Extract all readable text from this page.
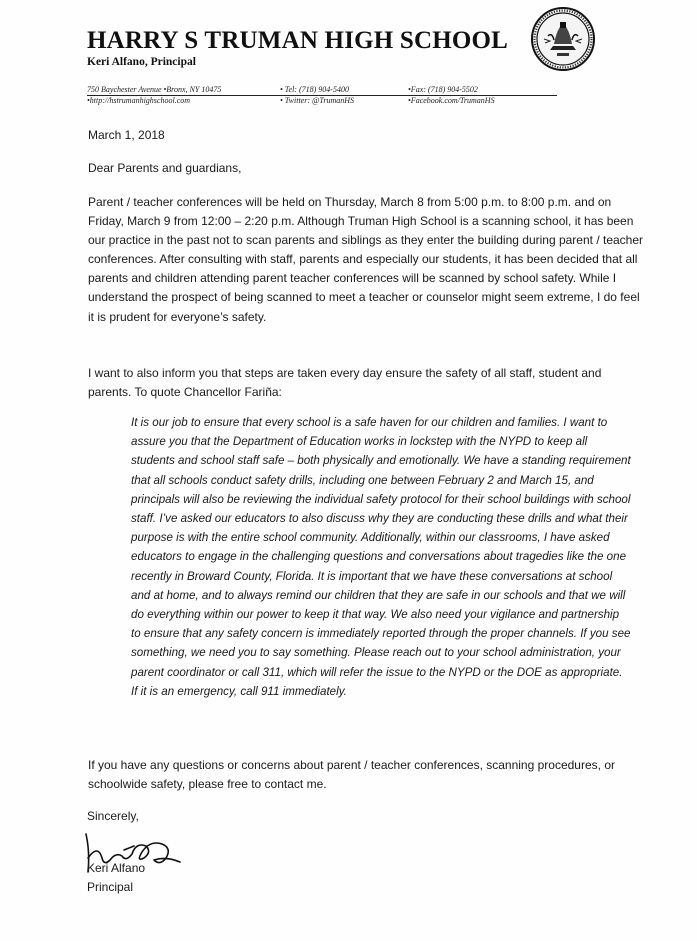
HARRY S TRUMAN HIGH SCHOOL
Keri Alfano, Principal
750 Baychester Avenue •Bronx, NY 10475
•http://hstrumanhighschool.com
• Tel: (718) 904-5400
• Twitter: @TrumanHS
•Fax: (718) 904-5502
•Facebook.com/TrumanHS
March 1, 2018
Dear Parents and guardians,

Parent / teacher conferences will be held on Thursday, March 8 from 5:00 p.m. to 8:00 p.m. and on Friday, March 9 from 12:00 – 2:20 p.m. Although Truman High School is a scanning school, it has been our practice in the past not to scan parents and siblings as they enter the building during parent / teacher conferences. After consulting with staff, parents and especially our students, it has been decided that all parents and children attending parent teacher conferences will be scanned by school safety. While I understand the prospect of being scanned to meet a teacher or counselor might seem extreme, I do feel it is prudent for everyone’s safety.

I want to also inform you that steps are taken every day ensure the safety of all staff, student and parents. To quote Chancellor Fariña:

It is our job to ensure that every school is a safe haven for our children and families. I want to assure you that the Department of Education works in lockstep with the NYPD to keep all students and school staff safe – both physically and emotionally. We have a standing requirement that all schools conduct safety drills, including one between February 2 and March 15, and principals will also be reviewing the individual safety protocol for their school buildings with school staff. I’ve asked our educators to also discuss why they are conducting these drills and what their purpose is with the entire school community. Additionally, within our classrooms, I have asked educators to engage in the challenging questions and conversations about tragedies like the one recently in Broward County, Florida. It is important that we have these conversations at school and at home, and to always remind our children that they are safe in our schools and that we will do everything within our power to keep it that way. We also need your vigilance and partnership to ensure that any safety concern is immediately reported through the proper channels. If you see something, we need you to say something. Please reach out to your school administration, your parent coordinator or call 311, which will refer the issue to the NYPD or the DOE as appropriate. If it is an emergency, call 911 immediately.

If you have any questions or concerns about parent / teacher conferences, scanning procedures, or schoolwide safety, please free to contact me.

Sincerely,
Keri Alfano
Principal
